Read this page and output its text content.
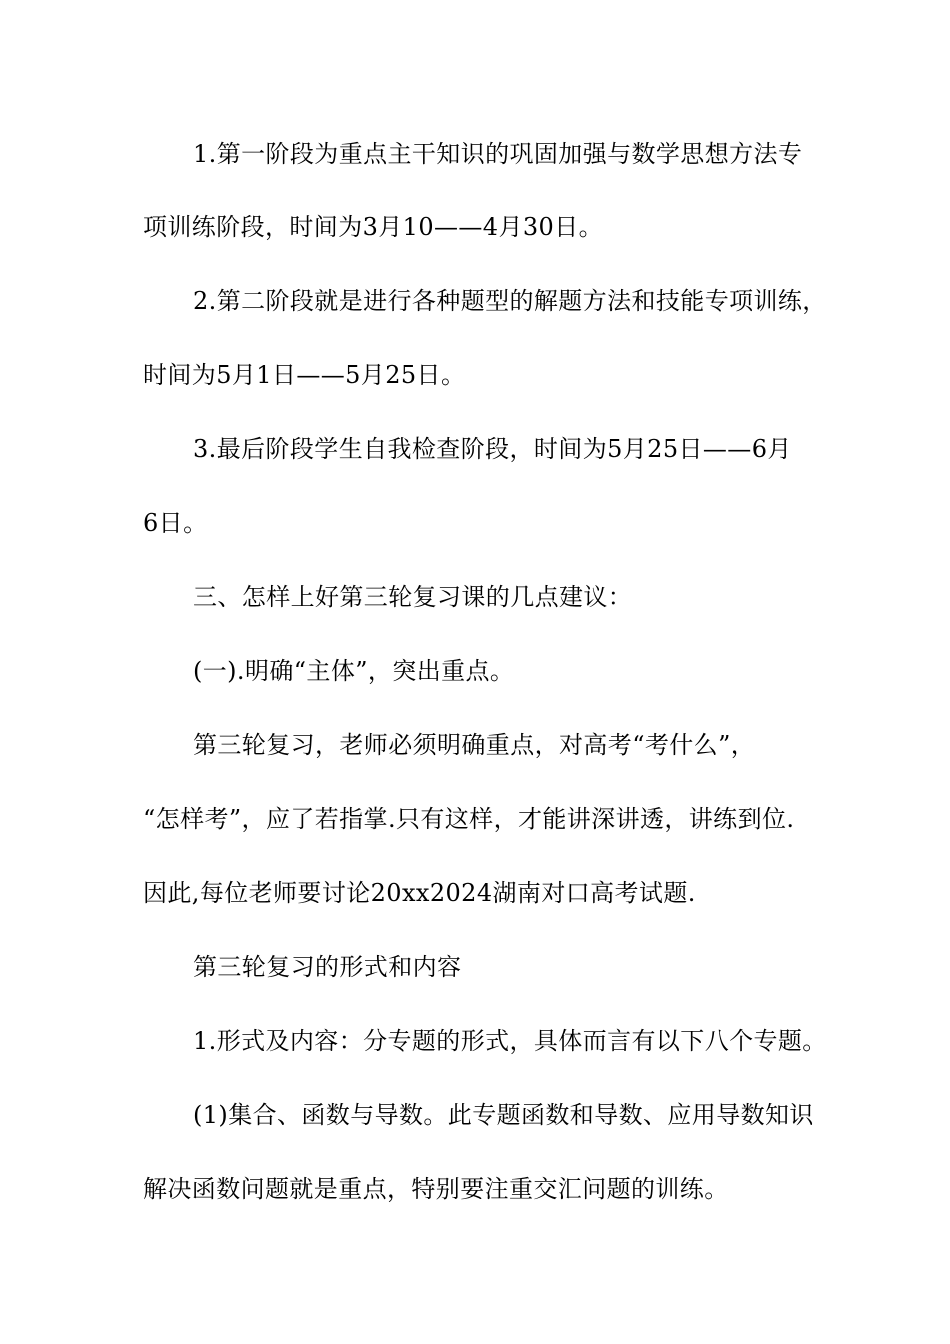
1.第一阶段为重点主干知识的巩固加强与数学思想方法专
项训练阶段，时间为3月10——4月30日。
2.第二阶段就是进行各种题型的解题方法和技能专项训练，
时间为5月1日——5月25日。
3.最后阶段学生自我检查阶段，时间为5月25日——6月
6日。
三、怎样上好第三轮复习课的几点建议：
(一).明确“主体”，突出重点。
第三轮复习，老师必须明确重点，对高考“考什么”，
“怎样考”，应了若指掌.只有这样，才能讲深讲透，讲练到位.
因此,每位老师要讨论20xx2024湖南对口高考试题.
第三轮复习的形式和内容
1.形式及内容：分专题的形式，具体而言有以下八个专题。
(1)集合、函数与导数。此专题函数和导数、应用导数知识
解决函数问题就是重点，特别要注重交汇问题的训练。
